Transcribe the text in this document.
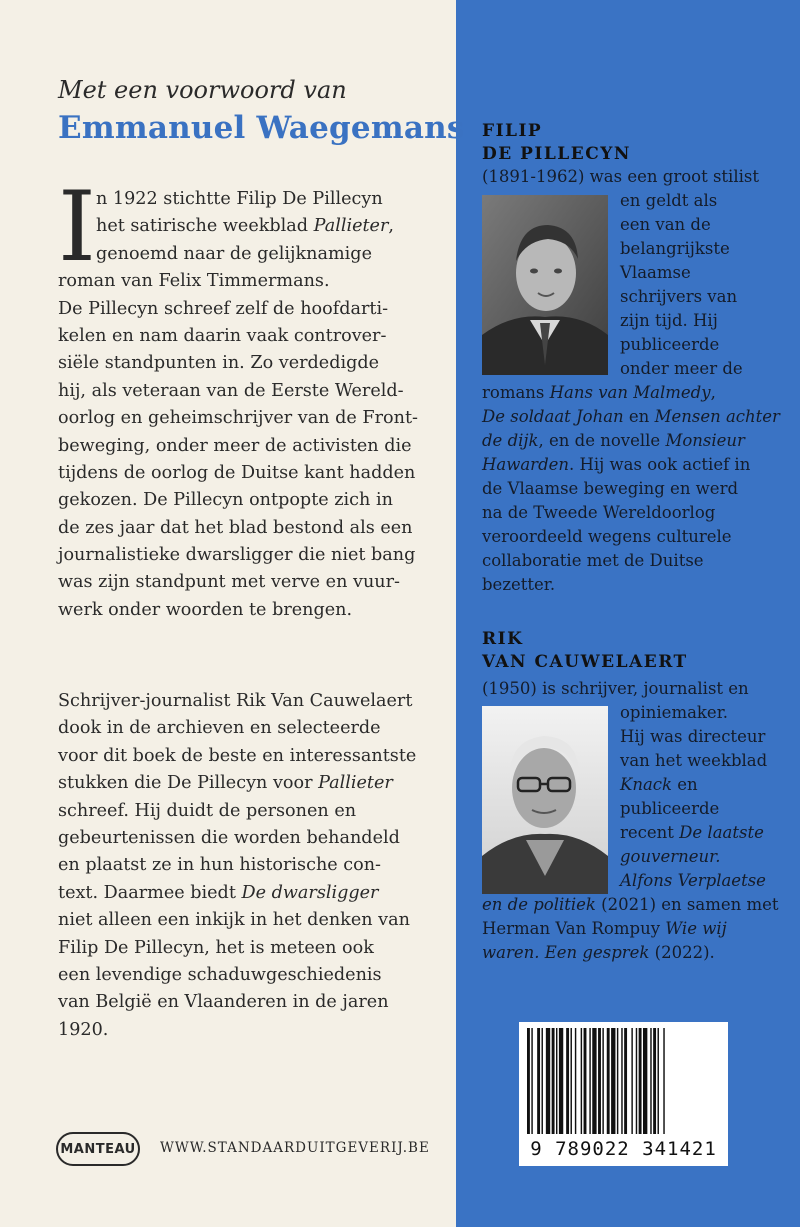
Met een voorwoord van
Emmanuel Waegemans
I n 1922 stichtte Filip De Pillecyn
het satirische weekblad Pallieter,
genoemd naar de gelijknamige
roman van Felix Timmermans.
De Pillecyn schreef zelf de hoofdarti-
kelen en nam daarin vaak controver-
siële standpunten in. Zo verdedigde
hij, als veteraan van de Eerste Wereld-
oorlog en geheimschrijver van de Front-
beweging, onder meer de activisten die
tijdens de oorlog de Duitse kant hadden
gekozen. De Pillecyn ontpopte zich in
de zes jaar dat het blad bestond als een
journalistieke dwarsligger die niet bang
was zijn standpunt met verve en vuur-
werk onder woorden te brengen.
Schrijver-journalist Rik Van Cauwelaert
dook in de archieven en selecteerde
voor dit boek de beste en interessantste
stukken die De Pillecyn voor Pallieter
schreef. Hij duidt de personen en
gebeurtenissen die worden behandeld
en plaatst ze in hun historische con-
text. Daarmee biedt De dwarsligger
niet alleen een inkijk in het denken van
Filip De Pillecyn, het is meteen ook
een levendige schaduwgeschiedenis
van België en Vlaanderen in de jaren
1920.
MANTEAU	WWW.STANDAARDUITGEVERIJ.BE
FILIP
DE PILLECYN
(1891-1962) was een groot stilist
en geldt als
een van de
belangrijkste
Vlaamse
schrijvers van
zijn tijd. Hij
publiceerde
onder meer de
romans Hans van Malmedy,
De soldaat Johan en Mensen achter
de dijk, en de novelle Monsieur
Hawarden. Hij was ook actief in
de Vlaamse beweging en werd
na de Tweede Wereldoorlog
veroordeeld wegens culturele
collaboratie met de Duitse
bezetter.
RIK
VAN CAUWELAERT
(1950) is schrijver, journalist en
opiniemaker.
Hij was directeur
van het weekblad
Knack en
publiceerde
recent De laatste
gouverneur.
Alfons Verplaetse
en de politiek (2021) en samen met
Herman Van Rompuy Wie wij
waren. Een gesprek (2022).
9 789022 341421
